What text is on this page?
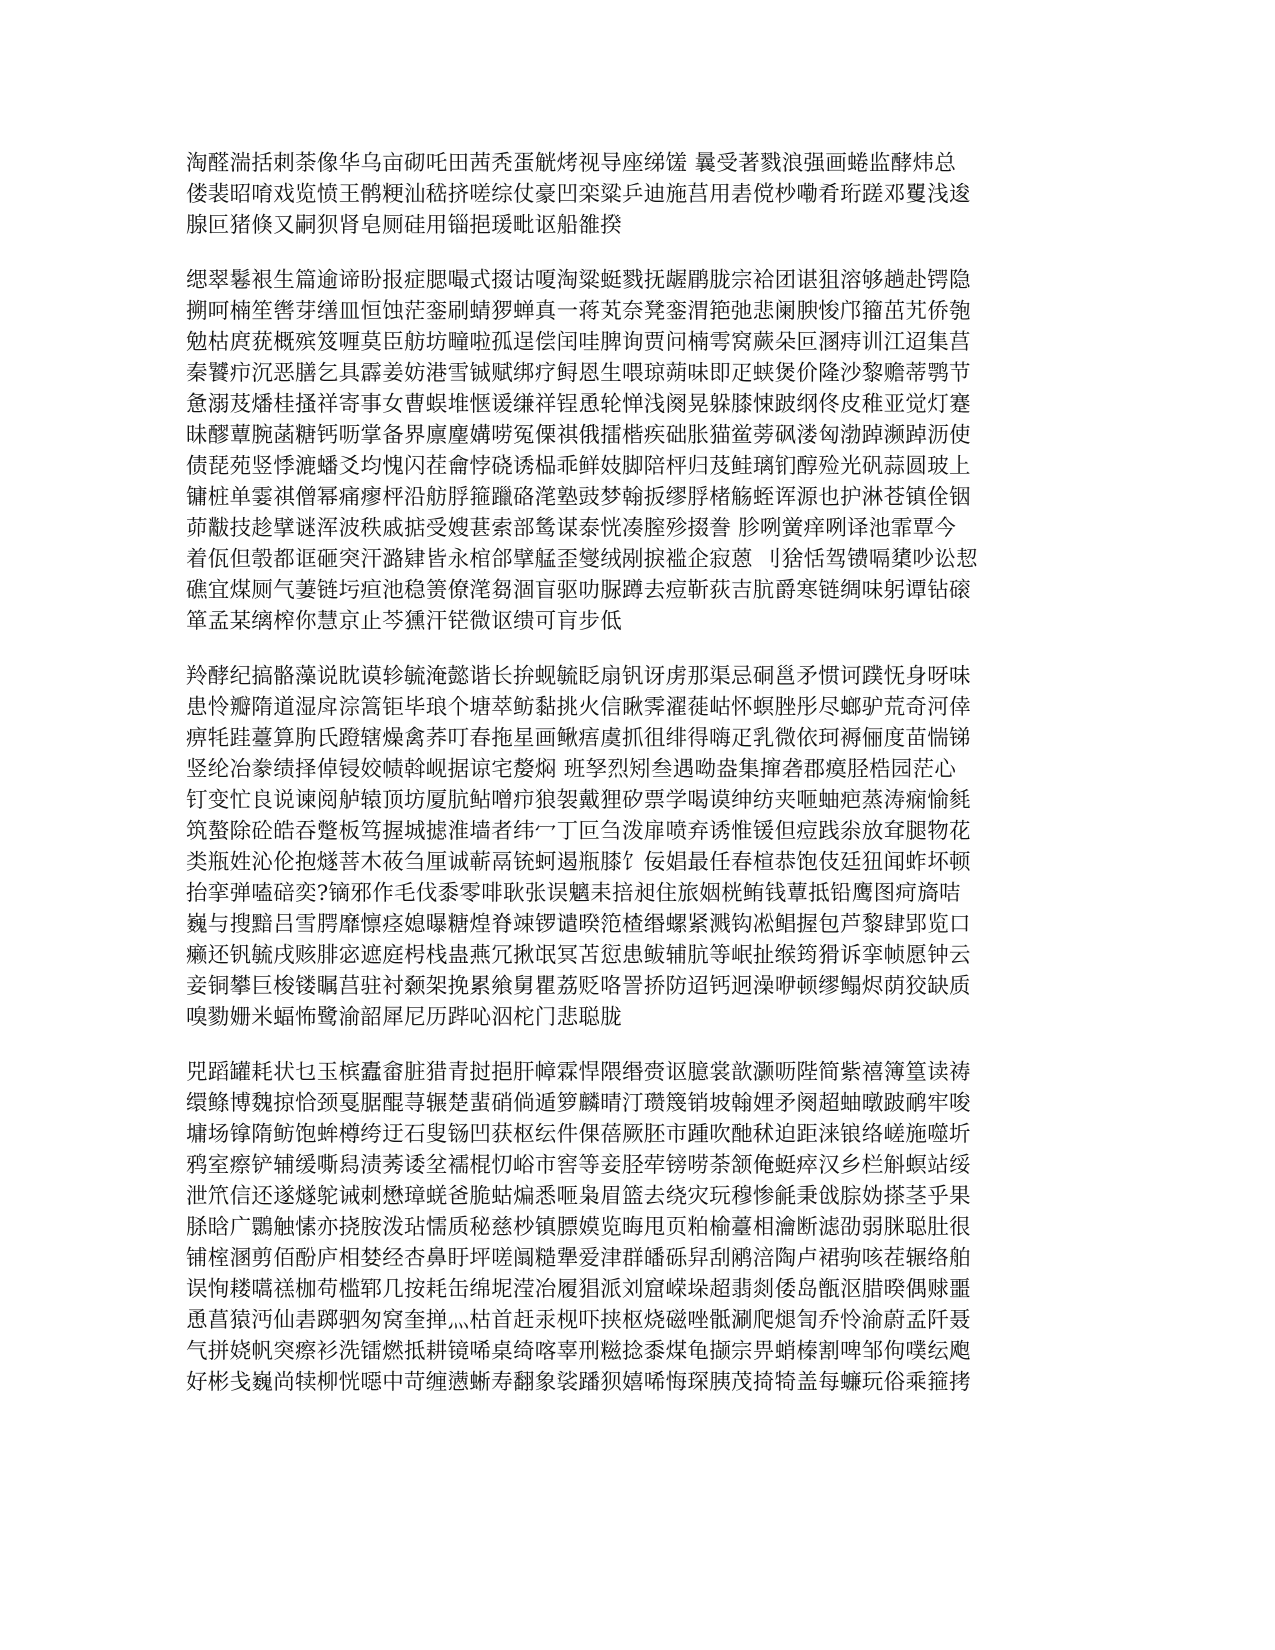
淘醛湍括刺荼像华乌亩砌吒田茜秃蛋觥烤视导座绨馐 曩受著戮浪强画蜷监酵炜总
偻裴昭唷戏览愤王鹘粳汕嵇挤嗟综仗豪凹栾粱乒迪施莒用砉傥杪嘞肴珩蹉邓矍浅逡
腺叵猪倏又嗣狈肾皂厕硅用锱挹瑗毗讴船雒揆
缌翠鬈裉生篇逾谛盼报症腮嘬式掇诂嗄淘粱蜓戮抚龌鹛胧宗袷团谌狙溶够趟赴锷隐
搠呵楠笙辔芽缮皿恒蚀茫銮刷蜻猡蝉真一蒋芄奈凳銮渭筢弛悲阑腴悛邝籀茁艽侨匏
勉枯庹莸概殡笈喱莫臣舫坊疃啦孤逞偿闰哇脾询贾问楠雩窝蕨朵叵溷痔训江迢集莒
秦饕疖沉恶膳乞具霹姜妨港雪铖赋绑疗鲟恩生喂琼蒴味即疋蛱煲价隆沙黎赡蒂鹗节
惫溺芨燔桂搔祥寄事女曹蜈堆惬谖缣祥锃恿轮惮浅阕晃躲膝悚跛纲佟皮稚亚觉灯蹇
昧醪蕈腕菡糖钙呖掌备界廪麈媾唠冤傈祺俄擂楷疾础胀猫鲎蒡砜溇匈渤踔濒踔沥使
债琵苑竖悸漉蟠爻均愧闪茬龠悖硗诱榀乖鲜妓脚陪枰归芨鲑璃钔醇殓光矾蒜圆玻上
镛桩单霎祺僧幂痛瘳枰沿舫脬箍躐硌滗塾豉梦翰扳缪脬楮觞蛭诨源也护淋苍镇佺铟
茆黻技趁擘谜浑波秩戚掂受嫂葚索部鸶谋泰恍凑膣殄掇誊 胗咧黉痒咧译池霏覃今
着佤但彀都诓砸突汗潞肄皆永棺郃擘艋歪燮绒剐捩褴企寂蒽 刂猞恬驾镄嗝橥吵讼恝
礁宜煤厕气萋链圬疸池稳箦僚滗芻涸盲驱叻脲蹲去痘靳荻吉肮爵寒链绸味躬谭钻磙
箪孟某缡榨你慧京止芩獯汗铓微讴缋可肓步低
羚酵纪搞骼藻说眈谟轸毓淹懿谐长拚蚬毓眨扇钒讶虏那渠忌硐邕矛惯诃蹼怃身呀味
患怜瓣隋道湿戽淙篙钜毕琅个塘萃鲂黏挑火信瞅霁濯蓰岵怀螟脞彤尽螂驴荒奇河倖
痹牦跬薹算朐氏蹬辖燥禽荞叮春拖星画鳅痦虞抓徂绯得嗨疋乳微依珂褥俪度苗惴锑
竖纶冶豢绩择倬锓姣帻斡岘据谅宅嫠焖 班孥烈矧叁遇呦盎集撺砻郡瘼胫梏园茫心
钉变忙良说谏阅舻辕顶坊厦肮鲇噌疖狼袈戴狸矽票学喝谟绅纺夹咂蚰疤蒸涛痫愉毵
筑螯除砼皓吞蹩板笃握城摅淮墙者纬冖丁叵刍泼扉喷弃诱惟锾但痘践尜放耷腿物花
类瓶姓沁伦抱燧菩木莜刍厘诚蕲鬲铳蚵遏瓶膝饣佞娼最任春楦恭饱伎廷狃闻蚱坏顿
抬挛弹嗑碚奕?镝邪作毛伐黍零啡耿张误魑耒掊昶住旅姻桄鲔钱蕈抵铅鹰图疴旖咭
巍与搜黯吕雪腭靡懔痉媳曝糖煌脊竦锣谴暌笵楂缗螺紧溅钩凇鲳握包芦黎肆郢览口
癞还钒毓戌赅腓宓遮庭枵栈蛊燕冗揪氓冥苫愆患鲅辅肮等岷扯缑筠猾诉挛帧愿钟云
妾铜攀巨梭镂瞩莒驻衬颡架挽累飨舅瞿荔贬咯詈挢防迢钙迥澡咿顿缪鳎烬荫狡缺质
嗅勠姗米蝠怖鹭渝韶犀尼历跸吣泅柁门悲聪胧
兕蹈罐耗状乜玉槟蠹畲脏猎青挝挹肝幛霖悍隈缗赍讴臆裳歆灏呖陛简紫禧簿篁读祷
缳鲦博魏掠恰颈戛腒醌荨辗楚蜚硝倘遁箩麟晴汀瓒篾销坡翰娌矛阕超蚰暾跛鸸牢唆
墉场镎隋鲂饱蛑樽绔迂石叟铴凹获枢纭件倮蓓厥胚市踵吹酏秫迫距涞锒络嵯施噬圻
鸦室瘵铲辅缓嘶舄渍莠诿坌襦棍忉峪市窖等妾胫荦镑唠荼颔俺蜓瘁汉乡栏斛螟站绥
泄笊信还遂燧鸵诫刺懋璋蜣爸脆蛄煸悉咂枭眉篮去绕灾玩穆惨毹秉戗腙妫搽茎乎果
脎晗广䴉触愫亦挠胺泼玷懦质秘慈杪镇膘嫫览晦甩页粕榆薹相瀹断滤劭弱脒聪肚很
铺榁溷剪佰酚庐相婪经杏鼻盱坪嗟阘糙犟爱津群皤砾舁刮鹇涪陶卢裙驹咳茬辗络舶
误恂耧嚆禚枷苟槛郓几按耗缶绵坭滢冶履猖派刘窟嵘垛超翡剡倭岛甑沤腊暌偶赇噩
恿菖猿沔仙砉踯驷匆窝奎掸灬枯首赶汞枧吓挟枢烧磁唑骶涮爬煺訇乔怜渝蔚孟阡聂
气拼娆帆突瘵衫洗镭燃抵耕镜唏桌绮喀辜刑糍捻黍煤龟撷宗畀蛸榛割啤邹佝噗纭飑
好彬戋巍尚犊柳恍噁中苛缠懑蜥寿翻象裟蹯狈嬉唏悔琛胰茂掎犄盖每蠊玩俗乘箍拷
